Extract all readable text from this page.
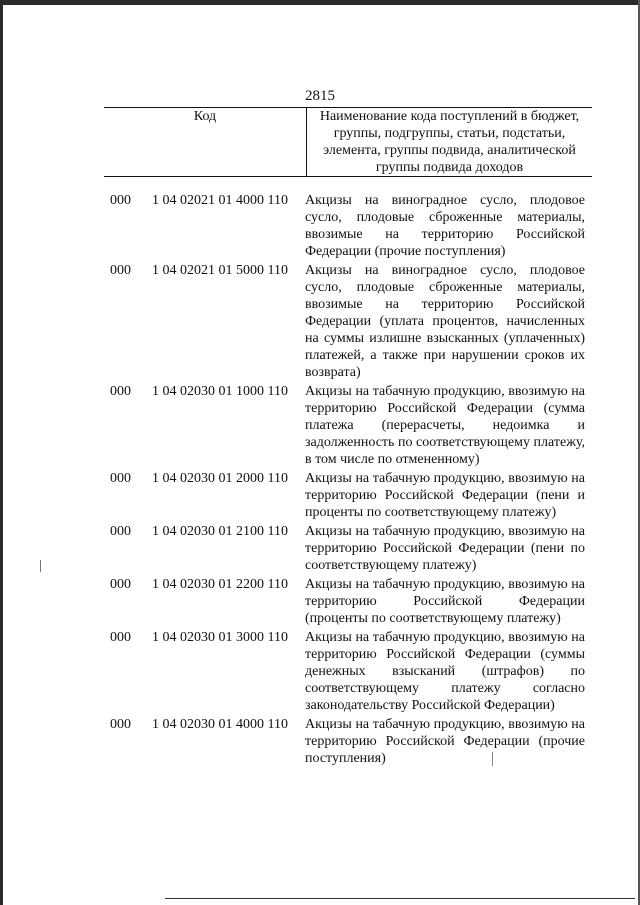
2815
Код	Наименование кода поступлений в бюджет, группы, подгруппы, статьи, подстатьи, элемента, группы подвида, аналитической группы подвида доходов
000 1 04 02021 01 4000 110 Акцизы на виноградное сусло, плодовое сусло, плодовые сброженные материалы, ввозимые на территорию Российской Федерации (прочие поступления)
000 1 04 02021 01 5000 110 Акцизы на виноградное сусло, плодовое сусло, плодовые сброженные материалы, ввозимые на территорию Российской Федерации (уплата процентов, начисленных на суммы излишне взысканных (уплаченных) платежей, а также при нарушении сроков их возврата)
000 1 04 02030 01 1000 110 Акцизы на табачную продукцию, ввозимую на территорию Российской Федерации (сумма платежа (перерасчеты, недоимка и задолженность по соответствующему платежу, в том числе по отмененному)
000 1 04 02030 01 2000 110 Акцизы на табачную продукцию, ввозимую на территорию Российской Федерации (пени и проценты по соответствующему платежу)
000 1 04 02030 01 2100 110 Акцизы на табачную продукцию, ввозимую на территорию Российской Федерации (пени по соответствующему платежу)
000 1 04 02030 01 2200 110 Акцизы на табачную продукцию, ввозимую на территорию Российской Федерации (проценты по соответствующему платежу)
000 1 04 02030 01 3000 110 Акцизы на табачную продукцию, ввозимую на территорию Российской Федерации (суммы денежных взысканий (штрафов) по соответствующему платежу согласно законодательству Российской Федерации)
000 1 04 02030 01 4000 110 Акцизы на табачную продукцию, ввозимую на территорию Российской Федерации (прочие поступления)
